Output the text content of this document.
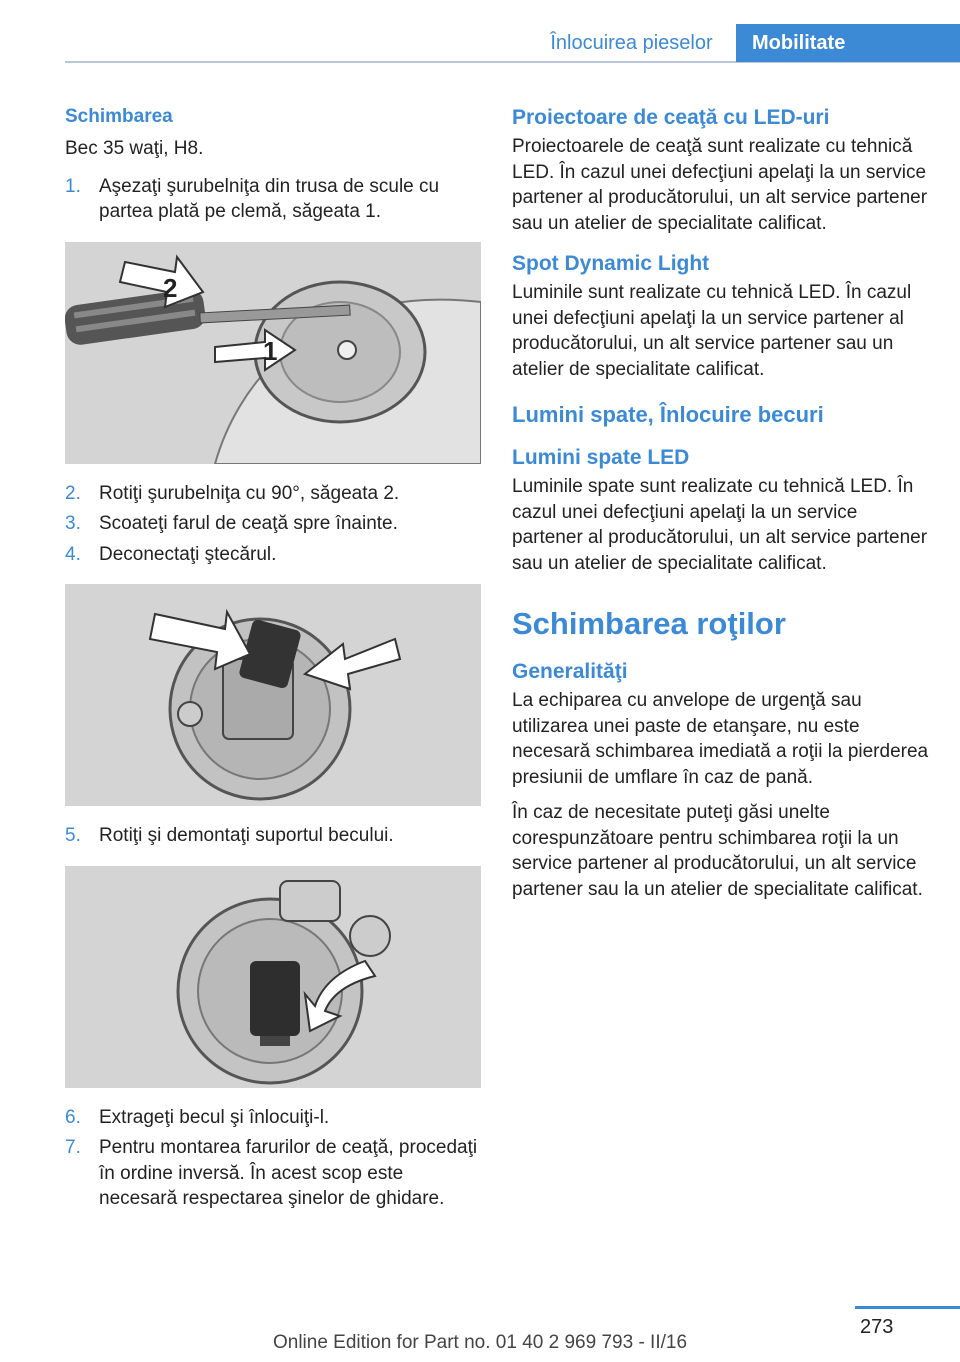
Înlocuirea pieselor	Mobilitate
Schimbarea

Bec 35 waţi, H8.

1. Aşezaţi şurubelniţa din trusa de scule cu partea plată pe clemă, săgeata 1.
2
1
2. Rotiţi şurubelniţa cu 90°, săgeata 2.
3. Scoateţi farul de ceaţă spre înainte.
4. Deconectaţi ştecărul.
5. Rotiţi şi demontaţi suportul becului.
6. Extrageţi becul şi înlocuiţi-l.
7. Pentru montarea farurilor de ceaţă, procedaţi în ordine inversă. În acest scop este necesară respectarea şinelor de ghidare.
Proiectoare de ceaţă cu LED-uri

Proiectoarele de ceaţă sunt realizate cu tehnică LED. În cazul unei defecţiuni apelaţi la un service partener al producătorului, un alt service partener sau un atelier de specialitate calificat.

Spot Dynamic Light

Luminile sunt realizate cu tehnică LED. În cazul unei defecţiuni apelaţi la un service partener al producătorului, un alt service partener sau un atelier de specialitate calificat.

Lumini spate, Înlocuire becuri
Lumini spate LED

Luminile spate sunt realizate cu tehnică LED. În cazul unei defecţiuni apelaţi la un service partener al producătorului, un alt service partener sau un atelier de specialitate calificat.

Schimbarea roţilor
Generalităţi

La echiparea cu anvelope de urgenţă sau utilizarea unei paste de etanşare, nu este necesară schimbarea imediată a roţii la pierderea presiunii de umflare în caz de pană.

În caz de necesitate puteţi găsi unelte corespunzătoare pentru schimbarea roţii la un service partener al producătorului, un alt service partener sau la un atelier de specialitate calificat.

273
Online Edition for Part no. 01 40 2 969 793 - II/16
